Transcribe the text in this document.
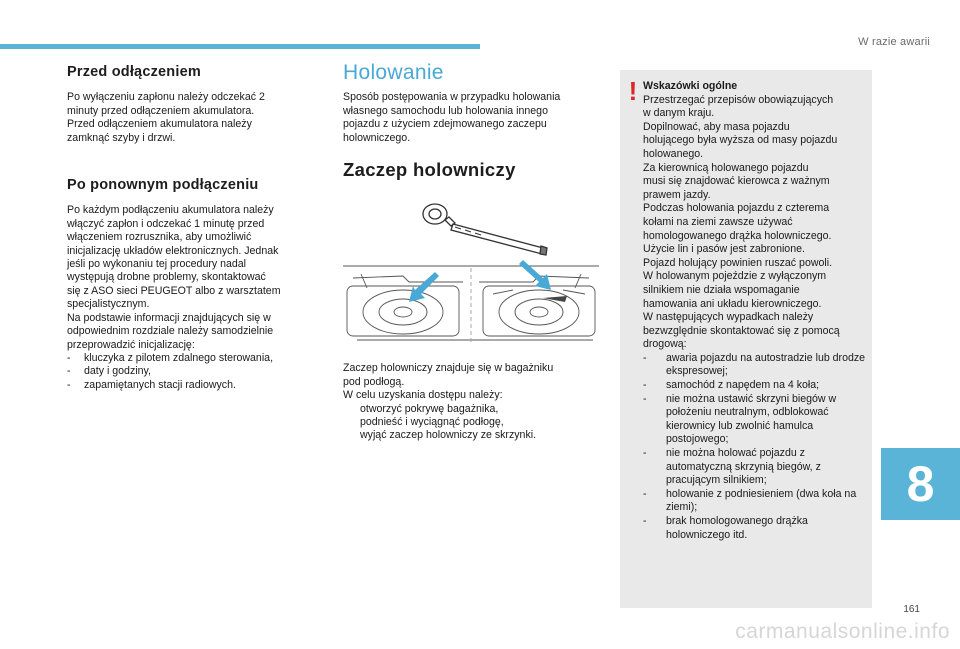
W razie awarii
Przed odłączeniem
Po wyłączeniu zapłonu należy odczekać 2
minuty przed odłączeniem akumulatora.
Przed odłączeniem akumulatora należy
zamknąć szyby i drzwi.
Po ponownym podłączeniu
Po każdym podłączeniu akumulatora należy
włączyć zapłon i odczekać 1 minutę przed
włączeniem rozrusznika, aby umożliwić
inicjalizację układów elektronicznych. Jednak
jeśli po wykonaniu tej procedury nadal
występują drobne problemy, skontaktować
się z ASO sieci PEUGEOT albo z warsztatem
specjalistycznym.
Na podstawie informacji znajdujących się w
odpowiednim rozdziale należy samodzielnie
przeprowadzić inicjalizację:
- kluczyka z pilotem zdalnego sterowania,
- daty i godziny,
- zapamiętanych stacji radiowych.
Holowanie
Sposób postępowania w przypadku holowania
własnego samochodu lub holowania innego
pojazdu z użyciem zdejmowanego zaczepu
holowniczego.
Zaczep holowniczy
Zaczep holowniczy znajduje się w bagażniku
pod podłogą.
W celu uzyskania dostępu należy:
otworzyć pokrywę bagażnika,
podnieść i wyciągnąć podłogę,
wyjąć zaczep holowniczy ze skrzynki.
! Wskazówki ogólne
Przestrzegać przepisów obowiązujących
w danym kraju.
Dopilnować, aby masa pojazdu
holującego była wyższa od masy pojazdu
holowanego.
Za kierownicą holowanego pojazdu
musi się znajdować kierowca z ważnym
prawem jazdy.
Podczas holowania pojazdu z czterema
kołami na ziemi zawsze używać
homologowanego drążka holowniczego.
Użycie lin i pasów jest zabronione.
Pojazd holujący powinien ruszać powoli.
W holowanym pojeździe z wyłączonym
silnikiem nie działa wspomaganie
hamowania ani układu kierowniczego.
W następujących wypadkach należy
bezwzględnie skontaktować się z pomocą
drogową:
- awaria pojazdu na autostradzie lub drodze ekspresowej;
- samochód z napędem na 4 koła;
- nie można ustawić skrzyni biegów w położeniu neutralnym, odblokować kierownicy lub zwolnić hamulca postojowego;
- nie można holować pojazdu z automatyczną skrzynią biegów, z pracującym silnikiem;
- holowanie z podniesieniem (dwa koła na ziemi);
- brak homologowanego drążka holowniczego itd.
8
161
carmanualsonline.info
